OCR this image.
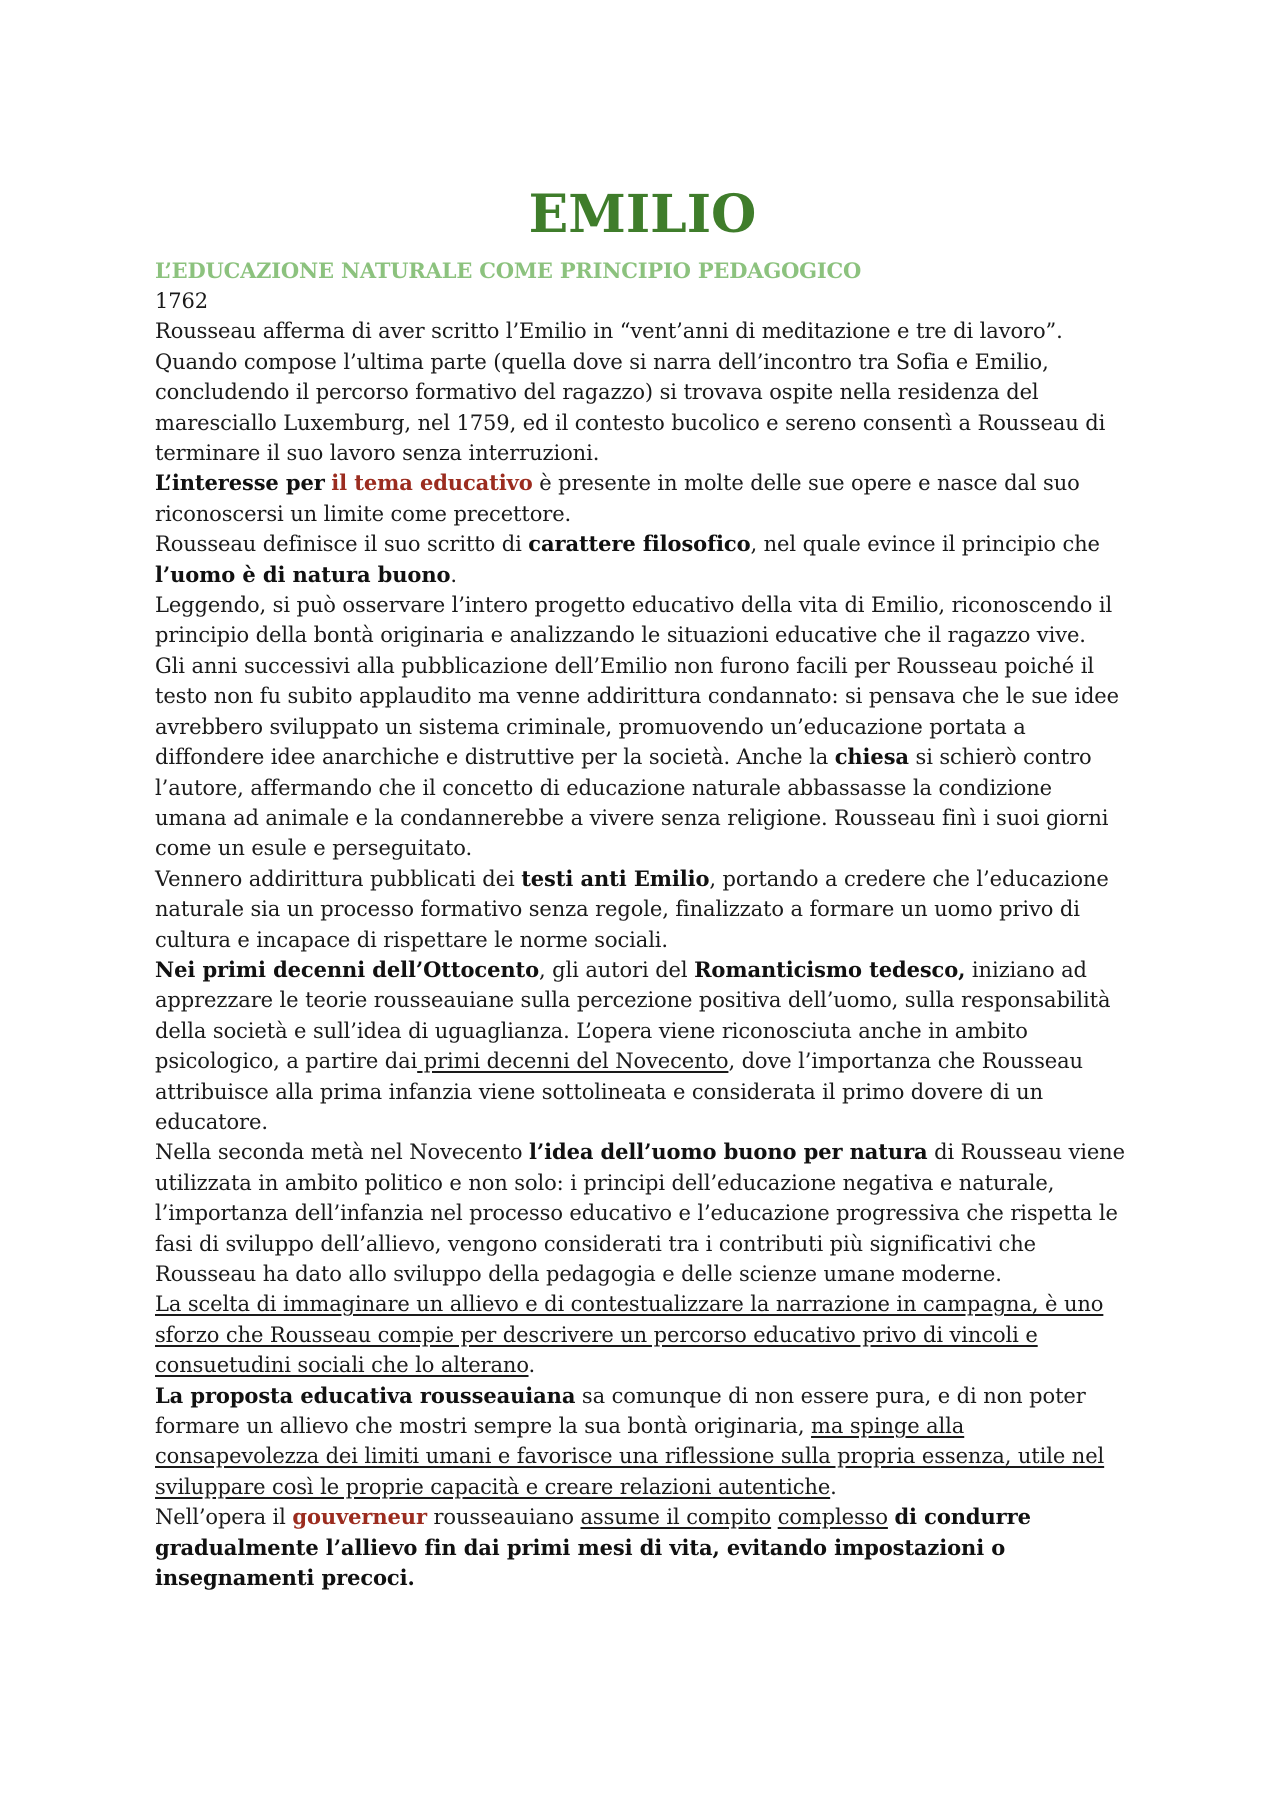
EMILIO
L’EDUCAZIONE NATURALE COME PRINCIPIO PEDAGOGICO

1762

Rousseau afferma di aver scritto l’Emilio in “vent’anni di meditazione e tre di lavoro”. Quando compose l’ultima parte (quella dove si narra dell’incontro tra Sofia e Emilio, concludendo il percorso formativo del ragazzo) si trovava ospite nella residenza del maresciallo Luxemburg, nel 1759, ed il contesto bucolico e sereno consentì a Rousseau di terminare il suo lavoro senza interruzioni.

L’interesse per il tema educativo è presente in molte delle sue opere e nasce dal suo riconoscersi un limite come precettore.

Rousseau definisce il suo scritto di carattere filosofico, nel quale evince il principio che l’uomo è di natura buono.

Leggendo, si può osservare l’intero progetto educativo della vita di Emilio, riconoscendo il principio della bontà originaria e analizzando le situazioni educative che il ragazzo vive.

Gli anni successivi alla pubblicazione dell’Emilio non furono facili per Rousseau poiché il testo non fu subito applaudito ma venne addirittura condannato: si pensava che le sue idee avrebbero sviluppato un sistema criminale, promuovendo un’educazione portata a diffondere idee anarchiche e distruttive per la società. Anche la chiesa si schierò contro l’autore, affermando che il concetto di educazione naturale abbassasse la condizione umana ad animale e la condannerebbe a vivere senza religione. Rousseau finì i suoi giorni come un esule e perseguitato.

Vennero addirittura pubblicati dei testi anti Emilio, portando a credere che l’educazione naturale sia un processo formativo senza regole, finalizzato a formare un uomo privo di cultura e incapace di rispettare le norme sociali.

Nei primi decenni dell’Ottocento, gli autori del Romanticismo tedesco, iniziano ad apprezzare le teorie rousseauiane sulla percezione positiva dell’uomo, sulla responsabilità della società e sull’idea di uguaglianza. L’opera viene riconosciuta anche in ambito psicologico, a partire dai primi decenni del Novecento, dove l’importanza che Rousseau attribuisce alla prima infanzia viene sottolineata e considerata il primo dovere di un educatore.

Nella seconda metà nel Novecento l’idea dell’uomo buono per natura di Rousseau viene utilizzata in ambito politico e non solo: i principi dell’educazione negativa e naturale, l’importanza dell’infanzia nel processo educativo e l’educazione progressiva che rispetta le fasi di sviluppo dell’allievo, vengono considerati tra i contributi più significativi che Rousseau ha dato allo sviluppo della pedagogia e delle scienze umane moderne.

La scelta di immaginare un allievo e di contestualizzare la narrazione in campagna, è uno sforzo che Rousseau compie per descrivere un percorso educativo privo di vincoli e consuetudini sociali che lo alterano.

La proposta educativa rousseauiana sa comunque di non essere pura, e di non poter formare un allievo che mostri sempre la sua bontà originaria, ma spinge alla consapevolezza dei limiti umani e favorisce una riflessione sulla propria essenza, utile nel sviluppare così le proprie capacità e creare relazioni autentiche.

Nell’opera il gouverneur rousseauiano assume il compito complesso di condurre gradualmente l’allievo fin dai primi mesi di vita, evitando impostazioni o insegnamenti precoci.
